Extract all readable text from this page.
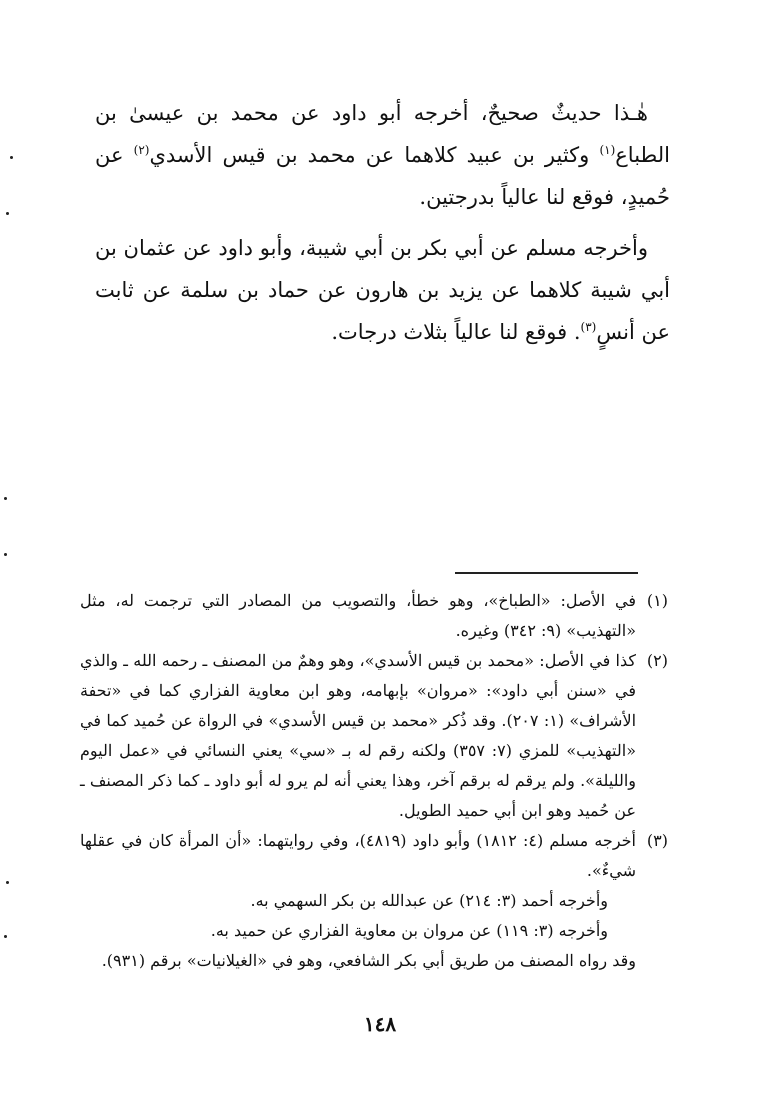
هٰـذا حديثٌ صحيحٌ، أخرجه أبو داود عن محمد بن عيسىٰ بن الطباع$^{(١)}$ وكثير بن عبيد كلاهما عن محمد بن قيس الأسدي$^{(٢)}$ عن حُميدٍ، فوقع لنا عالياً بدرجتين.

وأخرجه مسلم عن أبي بكر بن أبي شيبة، وأبو داود عن عثمان بن أبي شيبة كلاهما عن يزيد بن هارون عن حماد بن سلمة عن ثابت عن أنسٍ$^{(٣)}$. فوقع لنا عالياً بثلاث درجات.

(١)
في الأصل: «الطباخ»، وهو خطأ، والتصويب من المصادر التي ترجمت له، مثل «التهذيب» (٩: ٣٤٢) وغيره.
(٢)
كذا في الأصل: «محمد بن قيس الأسدي»، وهو وهمٌ من المصنف ـ رحمه الله ـ والذي في «سنن أبي داود»: «مروان» بإبهامه، وهو ابن معاوية الفزاري كما في «تحفة الأشراف» (١: ٢٠٧). وقد ذُكر «محمد بن قيس الأسدي» في الرواة عن حُميد كما في «التهذيب» للمزي (٧: ٣٥٧) ولكنه رقم له بـ «سي» يعني النسائي في «عمل اليوم والليلة». ولم يرقم له برقم آخر، وهذا يعني أنه لم يرو له أبو داود ـ كما ذكر المصنف ـ عن حُميد وهو ابن أبي حميد الطويل.
(٣)
أخرجه مسلم (٤: ١٨١٢) وأبو داود (٤٨١٩)، وفي روايتهما: «أن المرأة كان في عقلها شيءٌ».
وأخرجه أحمد (٣: ٢١٤) عن عبدالله بن بكر السهمي به.
وأخرجه (٣: ١١٩) عن مروان بن معاوية الفزاري عن حميد به.
وقد رواه المصنف من طريق أبي بكر الشافعي، وهو في «الغيلانيات» برقم (٩٣١).
١٤٨
